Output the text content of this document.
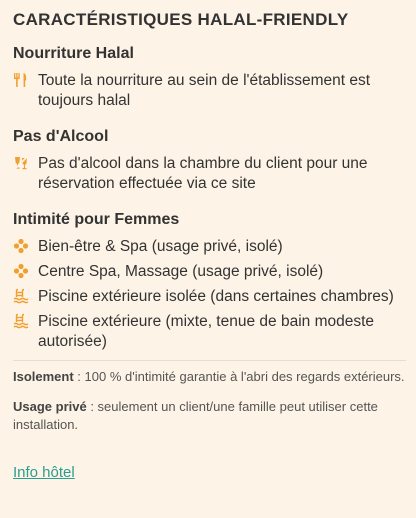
CARACTÉRISTIQUES HALAL-FRIENDLY
Nourriture Halal
Toute la nourriture au sein de l'établissement est toujours halal
Pas d'Alcool
Pas d'alcool dans la chambre du client pour une réservation effectuée via ce site
Intimité pour Femmes
Bien-être & Spa (usage privé, isolé)
Centre Spa, Massage (usage privé, isolé)
Piscine extérieure isolée (dans certaines chambres)
Piscine extérieure (mixte, tenue de bain modeste autorisée)

Isolement : 100 % d'intimité garantie à l'abri des regards extérieurs.

Usage privé : seulement un client/une famille peut utiliser cette installation.

Info hôtel
